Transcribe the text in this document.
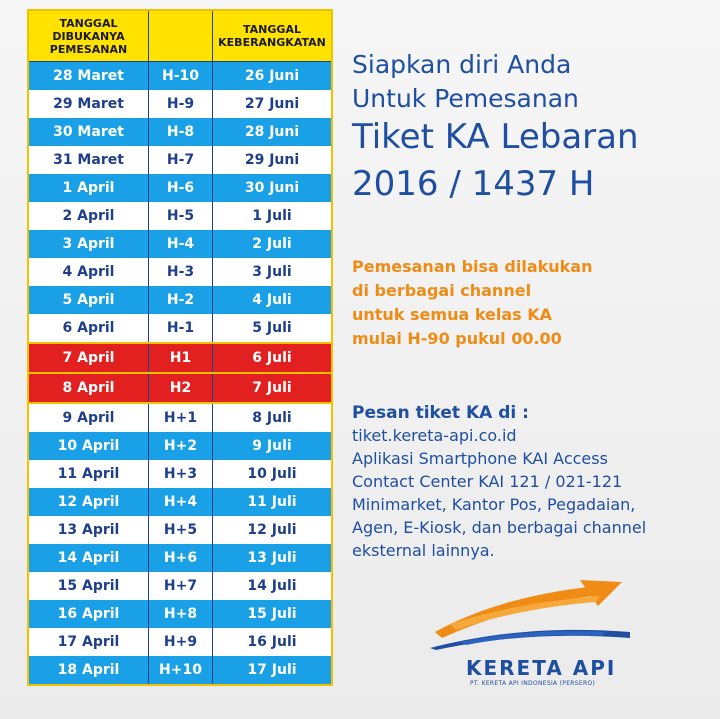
TANGGAL DIBUKANYA PEMESANAN		TANGGAL KEBERANGKATAN
28 Maret	H-10	26 Juni
29 Maret	H-9	27 Juni
30 Maret	H-8	28 Juni
31 Maret	H-7	29 Juni
1 April	H-6	30 Juni
2 April	H-5	1 Juli
3 April	H-4	2 Juli
4 April	H-3	3 Juli
5 April	H-2	4 Juli
6 April	H-1	5 Juli
7 April	H1	6 Juli
8 April	H2	7 Juli
9 April	H+1	8 Juli
10 April	H+2	9 Juli
11 April	H+3	10 Juli
12 April	H+4	11 Juli
13 April	H+5	12 Juli
14 April	H+6	13 Juli
15 April	H+7	14 Juli
16 April	H+8	15 Juli
17 April	H+9	16 Juli
18 April	H+10	17 Juli
Siapkan diri Anda
Untuk Pemesanan
Tiket KA Lebaran
2016 / 1437 H
Pemesanan bisa dilakukan
di berbagai channel
untuk semua kelas KA
mulai H-90 pukul 00.00
Pesan tiket KA di :
tiket.kereta-api.co.id
Aplikasi Smartphone KAI Access
Contact Center KAI 121 / 021-121
Minimarket, Kantor Pos, Pegadaian,
Agen, E-Kiosk, dan berbagai channel
eksternal lainnya.
KERETA API
PT. KERETA API INDONESIA (PERSERO)
